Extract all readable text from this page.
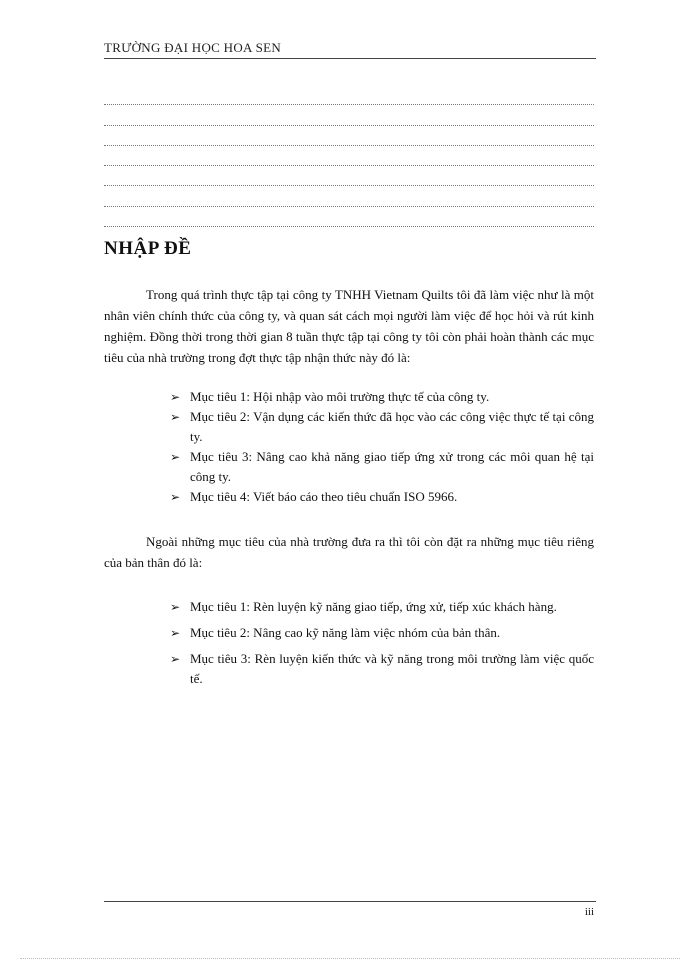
TRƯỜNG ĐẠI HỌC HOA SEN
NHẬP ĐỀ

Trong quá trình thực tập tại công ty TNHH Vietnam Quilts tôi đã làm việc như là một nhân viên chính thức của công ty, và quan sát cách mọi người làm việc để học hỏi và rút kinh nghiệm. Đồng thời trong thời gian 8 tuần thực tập tại công ty tôi còn phải hoàn thành các mục tiêu của nhà trường trong đợt thực tập nhận thức này đó là:

➢ Mục tiêu 1: Hội nhập vào môi trường thực tế của công ty.
➢ Mục tiêu 2: Vận dụng các kiến thức đã học vào các công việc thực tế tại công ty.
➢ Mục tiêu 3: Nâng cao khả năng giao tiếp ứng xử trong các môi quan hệ tại công ty.
➢ Mục tiêu 4: Viết báo cáo theo tiêu chuẩn ISO 5966.

Ngoài những mục tiêu của nhà trường đưa ra thì tôi còn đặt ra những mục tiêu riêng của bản thân đó là:

➢ Mục tiêu 1: Rèn luyện kỹ năng giao tiếp, ứng xử, tiếp xúc khách hàng.
➢ Mục tiêu 2: Nâng cao kỹ năng làm việc nhóm của bản thân.
➢ Mục tiêu 3: Rèn luyện kiến thức và kỹ năng trong môi trường làm việc quốc tế.
iii
